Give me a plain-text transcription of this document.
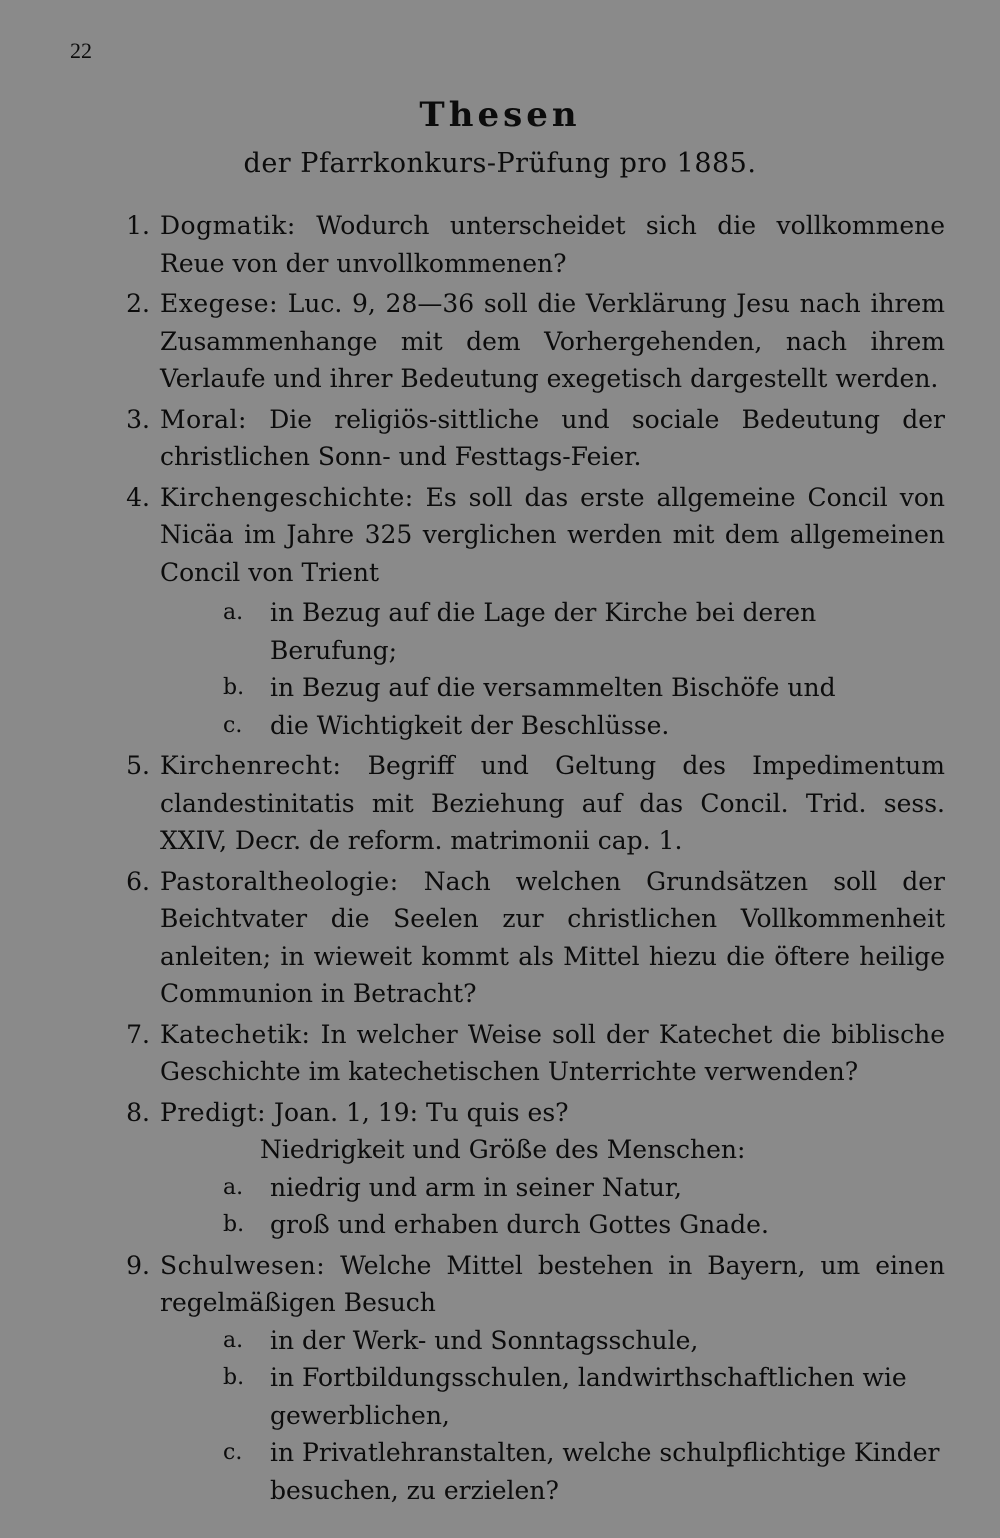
22
Thesen
der Pfarrkonkurs-Prüfung pro 1885.
1. Dogmatik: Wodurch unterscheidet sich die vollkommene Reue von der unvollkommenen?
2. Exegese: Luc. 9, 28—36 soll die Verklärung Jesu nach ihrem Zusammenhange mit dem Vorhergehenden, nach ihrem Verlaufe und ihrer Bedeutung exegetisch dargestellt werden.
3. Moral: Die religiös-sittliche und sociale Bedeutung der christlichen Sonn- und Festtags-Feier.
4. Kirchengeschichte: Es soll das erste allgemeine Concil von Nicäa im Jahre 325 verglichen werden mit dem allgemeinen Concil von Trient
a.	in Bezug auf die Lage der Kirche bei deren Berufung;
b.	in Bezug auf die versammelten Bischöfe und
c.	die Wichtigkeit der Beschlüsse.
5. Kirchenrecht: Begriff und Geltung des Impedimentum clandestinitatis mit Beziehung auf das Concil. Trid. sess. XXIV, Decr. de reform. matrimonii cap. 1.
6. Pastoraltheologie: Nach welchen Grundsätzen soll der Beichtvater die Seelen zur christlichen Vollkommenheit anleiten; in wieweit kommt als Mittel hiezu die öftere heilige Communion in Betracht?
7. Katechetik: In welcher Weise soll der Katechet die biblische Geschichte im katechetischen Unterrichte verwenden?
8. Predigt: Joan. 1, 19: Tu quis es?
Niedrigkeit und Größe des Menschen:
a.	niedrig und arm in seiner Natur,
b.	groß und erhaben durch Gottes Gnade.
9. Schulwesen: Welche Mittel bestehen in Bayern, um einen regelmäßigen Besuch
a.	in der Werk- und Sonntagsschule,
b.	in Fortbildungsschulen, landwirthschaftlichen wie gewerblichen,
c.	in Privatlehranstalten, welche schulpflichtige Kinder besuchen, zu erzielen?
